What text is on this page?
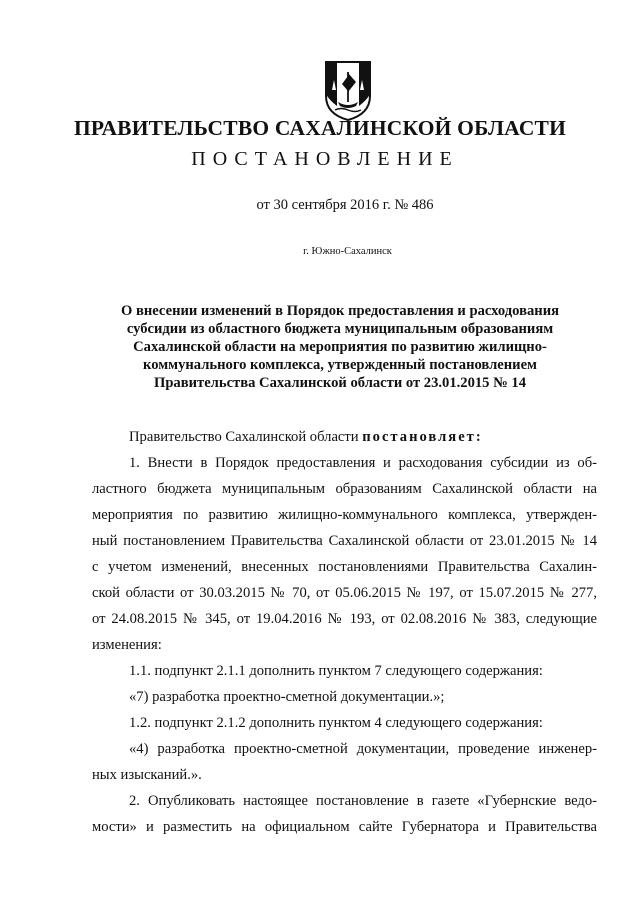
ПРАВИТЕЛЬСТВО САХАЛИНСКОЙ ОБЛАСТИ
ПОСТАНОВЛЕНИЕ
от 30 сентября 2016 г. № 486
г. Южно-Сахалинск
О внесении изменений в Порядок предоставления и расходования
субсидии из областного бюджета муниципальным образованиям
Сахалинской области на мероприятия по развитию жилищно-
коммунального комплекса, утвержденный постановлением
Правительства Сахалинской области от 23.01.2015 № 14
Правительство Сахалинской области постановляет:
1. Внести в Порядок предоставления и расходования субсидии из об-
ластного бюджета муниципальным образованиям Сахалинской области на
мероприятия по развитию жилищно-коммунального комплекса, утвержден-
ный постановлением Правительства Сахалинской области от 23.01.2015 № 14
с учетом изменений, внесенных постановлениями Правительства Сахалин-
ской области от 30.03.2015 № 70, от 05.06.2015 № 197, от 15.07.2015 № 277,
от 24.08.2015 № 345, от 19.04.2016 № 193, от 02.08.2016 № 383, следующие
изменения:
1.1. подпункт 2.1.1 дополнить пунктом 7 следующего содержания:
«7) разработка проектно-сметной документации.»;
1.2. подпункт 2.1.2 дополнить пунктом 4 следующего содержания:
«4) разработка проектно-сметной документации, проведение инженер-
ных изысканий.».
2. Опубликовать настоящее постановление в газете «Губернские ведо-
мости» и разместить на официальном сайте Губернатора и Правительства
